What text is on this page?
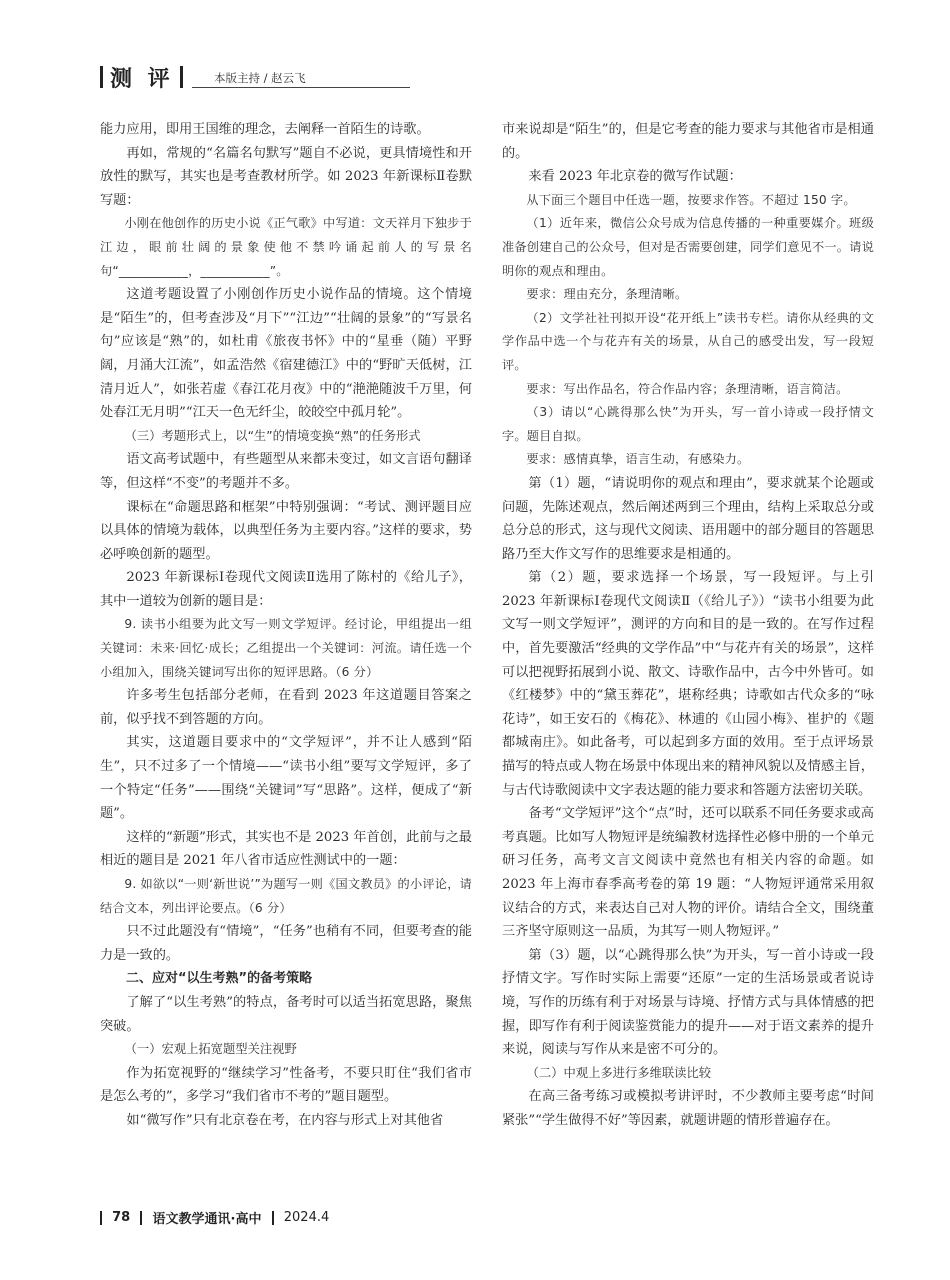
测 评	本版主持 / 赵云飞

能力应用，即用王国维的理念，去阐释一首陌生的诗歌。

再如，常规的“名篇名句默写”题自不必说，更具情境性和开放性的默写，其实也是考查教材所学。如 2023 年新课标Ⅱ卷默写题：

小刚在他创作的历史小说《正气歌》中写道：文天祥月下独步于江边，眼前壮阔的景象使他不禁吟诵起前人的写景名句“___________，___________”。

这道考题设置了小刚创作历史小说作品的情境。这个情境是“陌生”的，但考查涉及“月下”“江边”“壮阔的景象”的“写景名句”应该是“熟”的，如杜甫《旅夜书怀》中的“星垂（随）平野阔，月涌大江流”，如孟浩然《宿建德江》中的“野旷天低树，江清月近人”，如张若虚《春江花月夜》中的“滟滟随波千万里，何处春江无月明”“江天一色无纤尘，皎皎空中孤月轮”。

（三）考题形式上，以“生”的情境变换“熟”的任务形式

语文高考试题中，有些题型从来都未变过，如文言语句翻译等，但这样“不变”的考题并不多。

课标在“命题思路和框架”中特别强调：“考试、测评题目应以具体的情境为载体，以典型任务为主要内容。”这样的要求，势必呼唤创新的题型。

2023 年新课标Ⅰ卷现代文阅读Ⅱ选用了陈村的《给儿子》，其中一道较为创新的题目是：

9. 读书小组要为此文写一则文学短评。经讨论，甲组提出一组关键词：未来·回忆·成长；乙组提出一个关键词：河流。请任选一个小组加入，围绕关键词写出你的短评思路。（6 分）

许多考生包括部分老师，在看到 2023 年这道题目答案之前，似乎找不到答题的方向。

其实，这道题目要求中的“文学短评”，并不让人感到“陌生”，只不过多了一个情境——“读书小组”要写文学短评，多了一个特定“任务”——围绕“关键词”写“思路”。这样，便成了“新题”。

这样的“新题”形式，其实也不是 2023 年首创，此前与之最相近的题目是 2021 年八省市适应性测试中的一题：

9. 如欲以“一则‘新世说’”为题写一则《国文教员》的小评论，请结合文本，列出评论要点。（6 分）

只不过此题没有“情境”，“任务”也稍有不同，但要考查的能力是一致的。

二、应对“以生考熟”的备考策略

了解了“以生考熟”的特点，备考时可以适当拓宽思路，聚焦突破。

（一）宏观上拓宽题型关注视野

作为拓宽视野的“继续学习”性备考，不要只盯住“我们省市是怎么考的”，多学习“我们省市不考的”题目题型。

如“微写作”只有北京卷在考，在内容与形式上对其他省

市来说却是“陌生”的，但是它考查的能力要求与其他省市是相通的。

来看 2023 年北京卷的微写作试题：

从下面三个题目中任选一题，按要求作答。不超过 150 字。

（1）近年来，微信公众号成为信息传播的一种重要媒介。班级准备创建自己的公众号，但对是否需要创建，同学们意见不一。请说明你的观点和理由。

要求：理由充分，条理清晰。

（2）文学社社刊拟开设“花开纸上”读书专栏。请你从经典的文学作品中选一个与花卉有关的场景，从自己的感受出发，写一段短评。

要求：写出作品名，符合作品内容；条理清晰，语言简洁。

（3）请以“心跳得那么快”为开头，写一首小诗或一段抒情文字。题目自拟。

要求：感情真挚，语言生动，有感染力。

第（1）题，“请说明你的观点和理由”，要求就某个论题或问题，先陈述观点，然后阐述两到三个理由，结构上采取总分或总分总的形式，这与现代文阅读、语用题中的部分题目的答题思路乃至大作文写作的思维要求是相通的。

第（2）题，要求选择一个场景，写一段短评。与上引 2023 年新课标Ⅰ卷现代文阅读Ⅱ（《给儿子》）“读书小组要为此文写一则文学短评”，测评的方向和目的是一致的。在写作过程中，首先要激活“经典的文学作品”中“与花卉有关的场景”，这样可以把视野拓展到小说、散文、诗歌作品中，古今中外皆可。如《红楼梦》中的“黛玉葬花”，堪称经典；诗歌如古代众多的“咏花诗”，如王安石的《梅花》、林逋的《山园小梅》、崔护的《题都城南庄》。如此备考，可以起到多方面的效用。至于点评场景描写的特点或人物在场景中体现出来的精神风貌以及情感主旨，与古代诗歌阅读中文字表达题的能力要求和答题方法密切关联。

备考“文学短评”这个“点”时，还可以联系不同任务要求或高考真题。比如写人物短评是统编教材选择性必修中册的一个单元研习任务，高考文言文阅读中竟然也有相关内容的命题。如 2023 年上海市春季高考卷的第 19 题：“人物短评通常采用叙议结合的方式，来表达自己对人物的评价。请结合全文，围绕董三齐坚守原则这一品质，为其写一则人物短评。”

第（3）题，以“心跳得那么快”为开头，写一首小诗或一段抒情文字。写作时实际上需要“还原”一定的生活场景或者说诗境，写作的历练有利于对场景与诗境、抒情方式与具体情感的把握，即写作有利于阅读鉴赏能力的提升——对于语文素养的提升来说，阅读与写作从来是密不可分的。

（二）中观上多进行多维联读比较

在高三备考练习或模拟考讲评时，不少教师主要考虑“时间紧张”“学生做得不好”等因素，就题讲题的情形普遍存在。

78 语文教学通讯·高中 2024.4
